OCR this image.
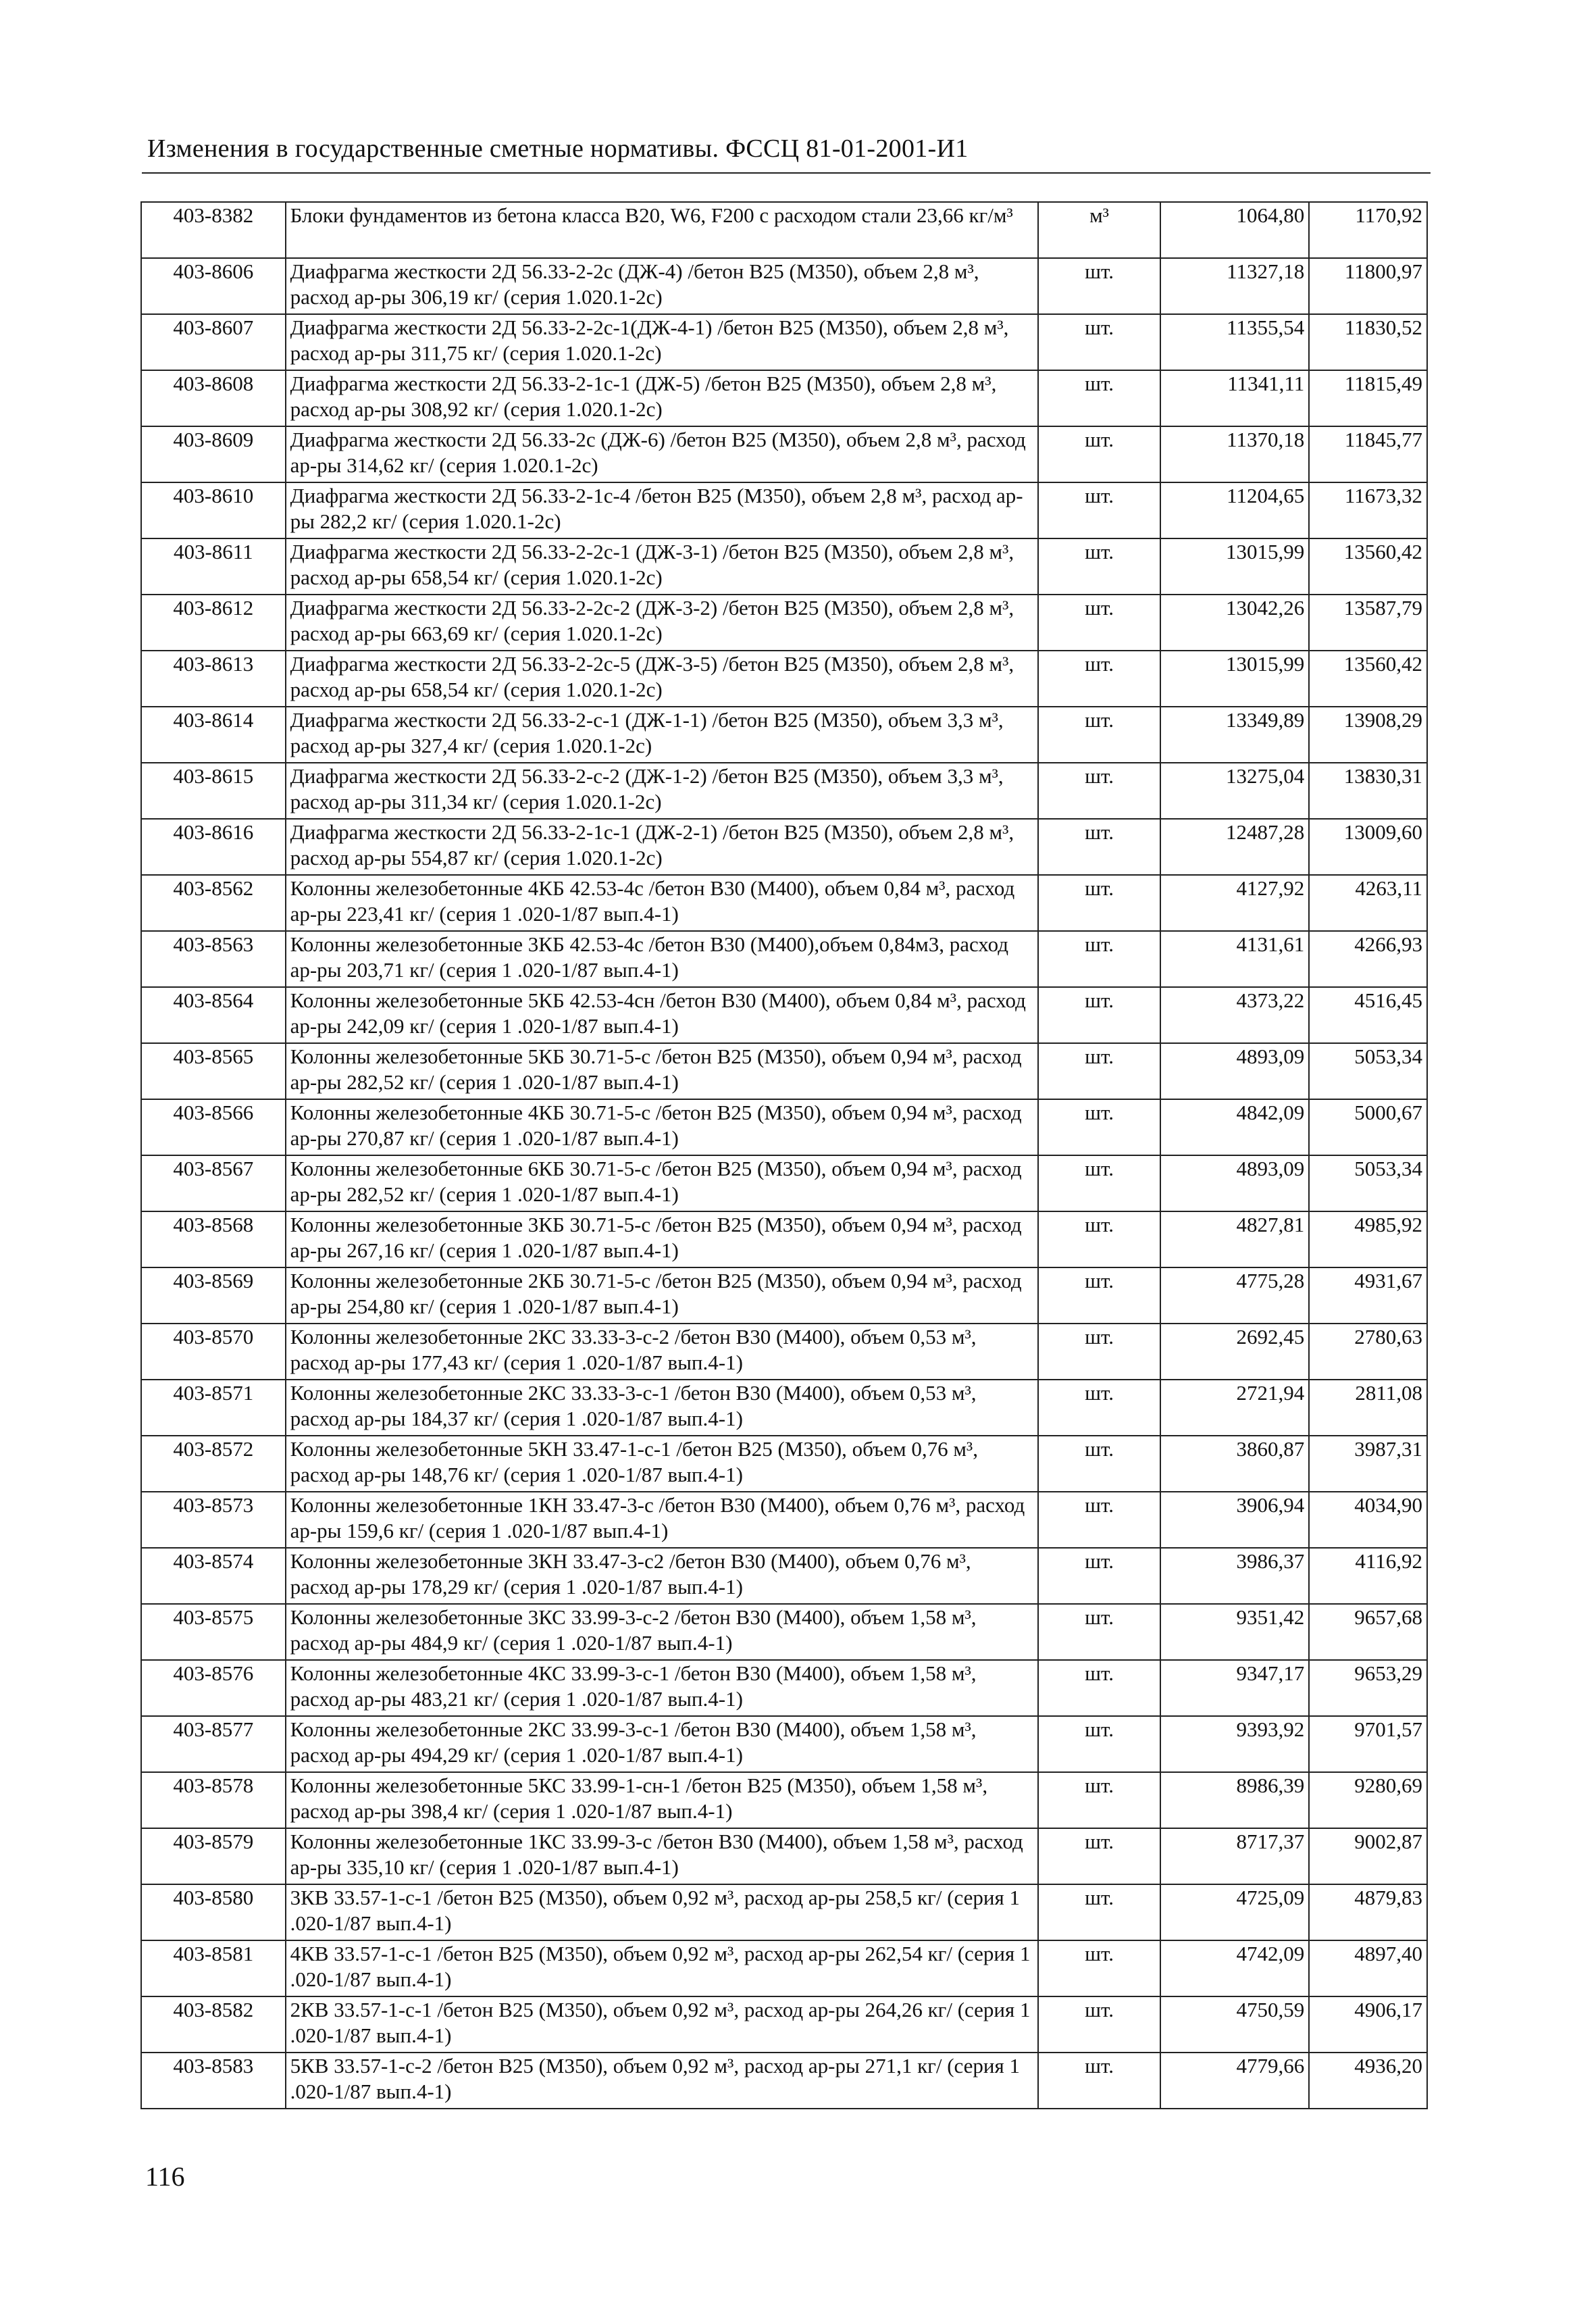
Изменения в государственные сметные нормативы. ФССЦ 81-01-2001-И1
403-8382	Блоки фундаментов из бетона класса В20, W6, F200 с расходом стали 23,66 кг/м³	м³	1064,80	1170,92
403-8606	Диафрагма жесткости 2Д 56.33-2-2с (ДЖ-4) /бетон В25 (М350), объем 2,8 м³, расход ар-ры 306,19 кг/ (серия 1.020.1-2с)	шт.	11327,18	11800,97
403-8607	Диафрагма жесткости 2Д 56.33-2-2с-1(ДЖ-4-1) /бетон В25 (М350), объем 2,8 м³, расход ар-ры 311,75 кг/ (серия 1.020.1-2с)	шт.	11355,54	11830,52
403-8608	Диафрагма жесткости 2Д 56.33-2-1с-1 (ДЖ-5) /бетон В25 (М350), объем 2,8 м³, расход ар-ры 308,92 кг/ (серия 1.020.1-2с)	шт.	11341,11	11815,49
403-8609	Диафрагма жесткости 2Д 56.33-2с (ДЖ-6) /бетон В25 (М350), объем 2,8 м³, расход ар-ры 314,62 кг/ (серия 1.020.1-2с)	шт.	11370,18	11845,77
403-8610	Диафрагма жесткости 2Д 56.33-2-1с-4 /бетон В25 (М350), объем 2,8 м³, расход ар-ры 282,2 кг/ (серия 1.020.1-2с)	шт.	11204,65	11673,32
403-8611	Диафрагма жесткости 2Д 56.33-2-2с-1 (ДЖ-3-1) /бетон В25 (М350), объем 2,8 м³, расход ар-ры 658,54 кг/ (серия 1.020.1-2с)	шт.	13015,99	13560,42
403-8612	Диафрагма жесткости 2Д 56.33-2-2с-2 (ДЖ-3-2) /бетон В25 (М350), объем 2,8 м³, расход ар-ры 663,69 кг/ (серия 1.020.1-2с)	шт.	13042,26	13587,79
403-8613	Диафрагма жесткости 2Д 56.33-2-2с-5 (ДЖ-3-5) /бетон В25 (М350), объем 2,8 м³, расход ар-ры 658,54 кг/ (серия 1.020.1-2с)	шт.	13015,99	13560,42
403-8614	Диафрагма жесткости 2Д 56.33-2-с-1 (ДЖ-1-1) /бетон В25 (М350), объем 3,3 м³, расход ар-ры 327,4 кг/ (серия 1.020.1-2с)	шт.	13349,89	13908,29
403-8615	Диафрагма жесткости 2Д 56.33-2-с-2 (ДЖ-1-2) /бетон В25 (М350), объем 3,3 м³, расход ар-ры 311,34 кг/ (серия 1.020.1-2с)	шт.	13275,04	13830,31
403-8616	Диафрагма жесткости 2Д 56.33-2-1с-1 (ДЖ-2-1) /бетон В25 (М350), объем 2,8 м³, расход ар-ры 554,87 кг/ (серия 1.020.1-2с)	шт.	12487,28	13009,60
403-8562	Колонны железобетонные 4КБ 42.53-4с /бетон В30 (М400), объем 0,84 м³, расход ар-ры 223,41 кг/ (серия 1 .020-1/87 вып.4-1)	шт.	4127,92	4263,11
403-8563	Колонны железобетонные 3КБ 42.53-4с /бетон В30 (М400),объем 0,84м3, расход ар-ры 203,71 кг/ (серия 1 .020-1/87 вып.4-1)	шт.	4131,61	4266,93
403-8564	Колонны железобетонные 5КБ 42.53-4сн /бетон В30 (М400), объем 0,84 м³, расход ар-ры 242,09 кг/ (серия 1 .020-1/87 вып.4-1)	шт.	4373,22	4516,45
403-8565	Колонны железобетонные 5КБ 30.71-5-с /бетон В25 (М350), объем 0,94 м³, расход ар-ры 282,52 кг/ (серия 1 .020-1/87 вып.4-1)	шт.	4893,09	5053,34
403-8566	Колонны железобетонные 4КБ 30.71-5-с /бетон В25 (М350), объем 0,94 м³, расход ар-ры 270,87 кг/ (серия 1 .020-1/87 вып.4-1)	шт.	4842,09	5000,67
403-8567	Колонны железобетонные 6КБ 30.71-5-с /бетон В25 (М350), объем 0,94 м³, расход ар-ры 282,52 кг/ (серия 1 .020-1/87 вып.4-1)	шт.	4893,09	5053,34
403-8568	Колонны железобетонные 3КБ 30.71-5-с /бетон В25 (М350), объем 0,94 м³, расход ар-ры 267,16 кг/ (серия 1 .020-1/87 вып.4-1)	шт.	4827,81	4985,92
403-8569	Колонны железобетонные 2КБ 30.71-5-с /бетон В25 (М350), объем 0,94 м³, расход ар-ры 254,80 кг/ (серия 1 .020-1/87 вып.4-1)	шт.	4775,28	4931,67
403-8570	Колонны железобетонные 2КС 33.33-3-с-2 /бетон В30 (М400), объем 0,53 м³, расход ар-ры 177,43 кг/ (серия 1 .020-1/87 вып.4-1)	шт.	2692,45	2780,63
403-8571	Колонны железобетонные 2КС 33.33-3-с-1 /бетон В30 (М400), объем 0,53 м³, расход ар-ры 184,37 кг/ (серия 1 .020-1/87 вып.4-1)	шт.	2721,94	2811,08
403-8572	Колонны железобетонные 5КН 33.47-1-с-1 /бетон В25 (М350), объем 0,76 м³, расход ар-ры 148,76 кг/ (серия 1 .020-1/87 вып.4-1)	шт.	3860,87	3987,31
403-8573	Колонны железобетонные 1КН 33.47-3-с /бетон В30 (М400), объем 0,76 м³, расход ар-ры 159,6 кг/ (серия 1 .020-1/87 вып.4-1)	шт.	3906,94	4034,90
403-8574	Колонны железобетонные 3КН 33.47-3-с2 /бетон В30 (М400), объем 0,76 м³, расход ар-ры 178,29 кг/ (серия 1 .020-1/87 вып.4-1)	шт.	3986,37	4116,92
403-8575	Колонны железобетонные 3КС 33.99-3-с-2 /бетон В30 (М400), объем 1,58 м³, расход ар-ры 484,9 кг/ (серия 1 .020-1/87 вып.4-1)	шт.	9351,42	9657,68
403-8576	Колонны железобетонные 4КС 33.99-3-с-1 /бетон В30 (М400), объем 1,58 м³, расход ар-ры 483,21 кг/ (серия 1 .020-1/87 вып.4-1)	шт.	9347,17	9653,29
403-8577	Колонны железобетонные 2КС 33.99-3-с-1 /бетон В30 (М400), объем 1,58 м³, расход ар-ры 494,29 кг/ (серия 1 .020-1/87 вып.4-1)	шт.	9393,92	9701,57
403-8578	Колонны железобетонные 5КС 33.99-1-сн-1 /бетон В25 (М350), объем 1,58 м³, расход ар-ры 398,4 кг/ (серия 1 .020-1/87 вып.4-1)	шт.	8986,39	9280,69
403-8579	Колонны железобетонные 1КС 33.99-3-с /бетон В30 (М400), объем 1,58 м³, расход ар-ры 335,10 кг/ (серия 1 .020-1/87 вып.4-1)	шт.	8717,37	9002,87
403-8580	3КВ 33.57-1-с-1 /бетон В25 (М350), объем 0,92 м³, расход ар-ры 258,5 кг/ (серия 1 .020-1/87 вып.4-1)	шт.	4725,09	4879,83
403-8581	4КВ 33.57-1-с-1 /бетон В25 (М350), объем 0,92 м³, расход ар-ры 262,54 кг/ (серия 1 .020-1/87 вып.4-1)	шт.	4742,09	4897,40
403-8582	2КВ 33.57-1-с-1 /бетон В25 (М350), объем 0,92 м³, расход ар-ры 264,26 кг/ (серия 1 .020-1/87 вып.4-1)	шт.	4750,59	4906,17
403-8583	5КВ 33.57-1-с-2 /бетон В25 (М350), объем 0,92 м³, расход ар-ры 271,1 кг/ (серия 1 .020-1/87 вып.4-1)	шт.	4779,66	4936,20
116
